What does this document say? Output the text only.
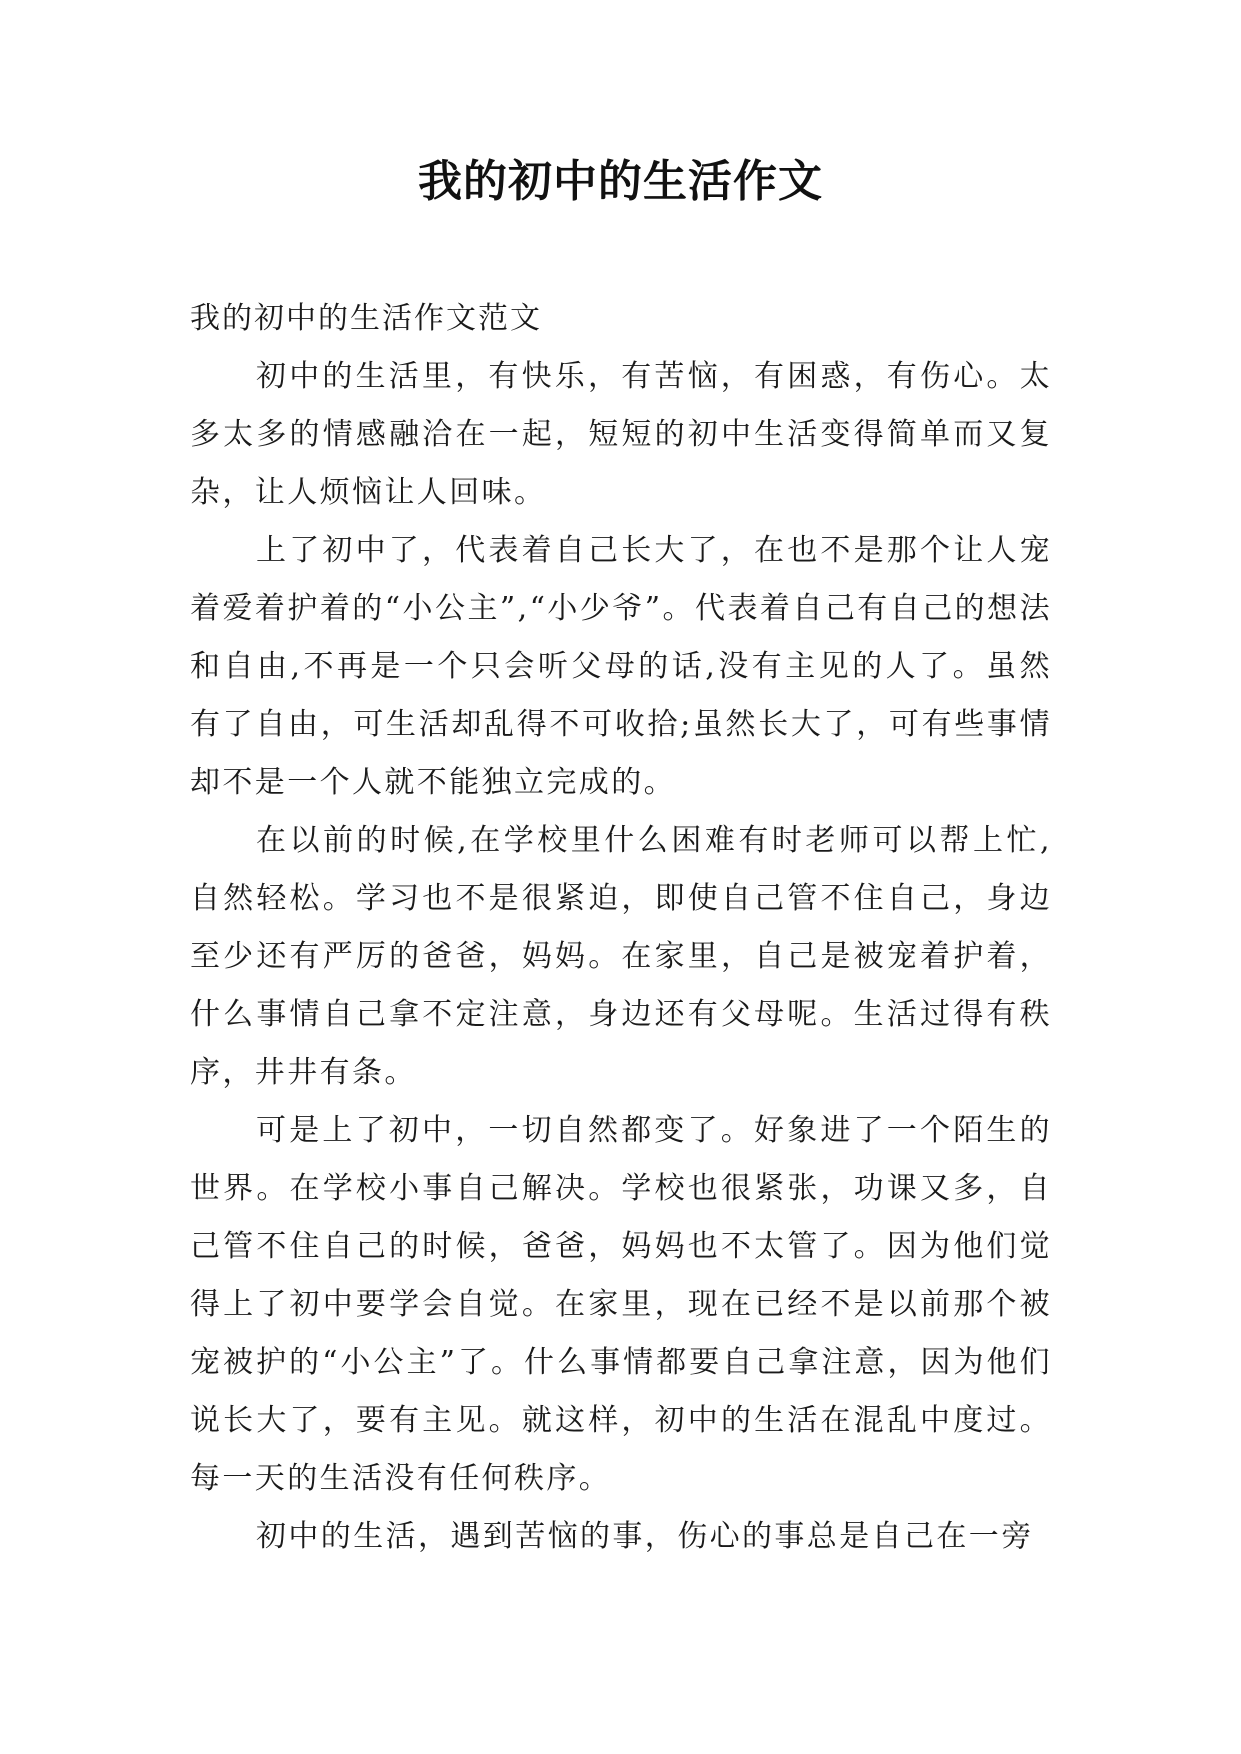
我的初中的生活作文

我的初中的生活作文范文

初中的生活里，有快乐，有苦恼，有困惑，有伤心。太多太多的情感融洽在一起，短短的初中生活变得简单而又复杂，让人烦恼让人回味。

上了初中了，代表着自己长大了，在也不是那个让人宠着爱着护着的“小公主”,“小少爷”。代表着自己有自己的想法和自由,不再是一个只会听父母的话,没有主见的人了。虽然有了自由，可生活却乱得不可收拾;虽然长大了，可有些事情却不是一个人就不能独立完成的。

在以前的时候,在学校里什么困难有时老师可以帮上忙,自然轻松。学习也不是很紧迫，即使自己管不住自己，身边至少还有严厉的爸爸，妈妈。在家里，自己是被宠着护着，什么事情自己拿不定注意，身边还有父母呢。生活过得有秩序，井井有条。

可是上了初中，一切自然都变了。好象进了一个陌生的世界。在学校小事自己解决。学校也很紧张，功课又多，自己管不住自己的时候，爸爸，妈妈也不太管了。因为他们觉得上了初中要学会自觉。在家里，现在已经不是以前那个被宠被护的“小公主”了。什么事情都要自己拿注意，因为他们说长大了，要有主见。就这样，初中的生活在混乱中度过。每一天的生活没有任何秩序。

初中的生活，遇到苦恼的事，伤心的事总是自己在一旁
